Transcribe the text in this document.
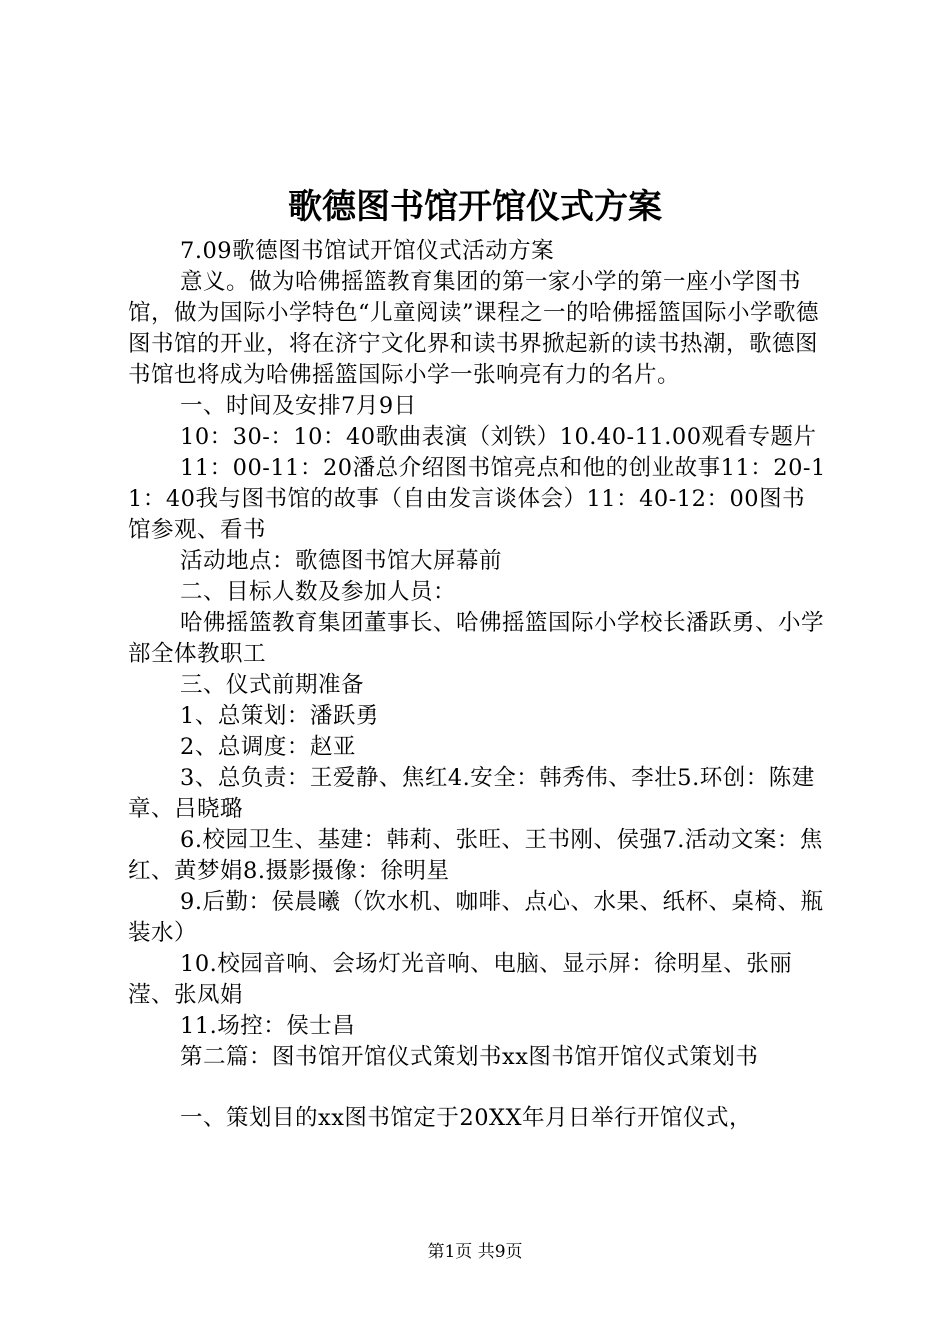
歌德图书馆开馆仪式方案

7.09歌德图书馆试开馆仪式活动方案

意义。做为哈佛摇篮教育集团的第一家小学的第一座小学图书馆，做为国际小学特色“儿童阅读”课程之一的哈佛摇篮国际小学歌德图书馆的开业，将在济宁文化界和读书界掀起新的读书热潮，歌德图书馆也将成为哈佛摇篮国际小学一张响亮有力的名片。

一、时间及安排7月9日

10：30-：10：40歌曲表演（刘铁）10.40-11.00观看专题片

11：00-11：20潘总介绍图书馆亮点和他的创业故事11：20-11：40我与图书馆的故事（自由发言谈体会）11：40-12：00图书馆参观、看书

活动地点：歌德图书馆大屏幕前

二、目标人数及参加人员：

哈佛摇篮教育集团董事长、哈佛摇篮国际小学校长潘跃勇、小学部全体教职工

三、仪式前期准备

1、总策划：潘跃勇

2、总调度：赵亚

3、总负责：王爱静、焦红4.安全：韩秀伟、李壮5.环创：陈建章、吕晓璐

6.校园卫生、基建：韩莉、张旺、王书刚、侯强7.活动文案：焦红、黄梦娟8.摄影摄像：徐明星

9.后勤：侯晨曦（饮水机、咖啡、点心、水果、纸杯、桌椅、瓶装水）

10.校园音响、会场灯光音响、电脑、显示屏：徐明星、张丽滢、张凤娟

11.场控：侯士昌

第二篇：图书馆开馆仪式策划书xx图书馆开馆仪式策划书

一、策划目的xx图书馆定于20XX年月日举行开馆仪式，

第1页 共9页
